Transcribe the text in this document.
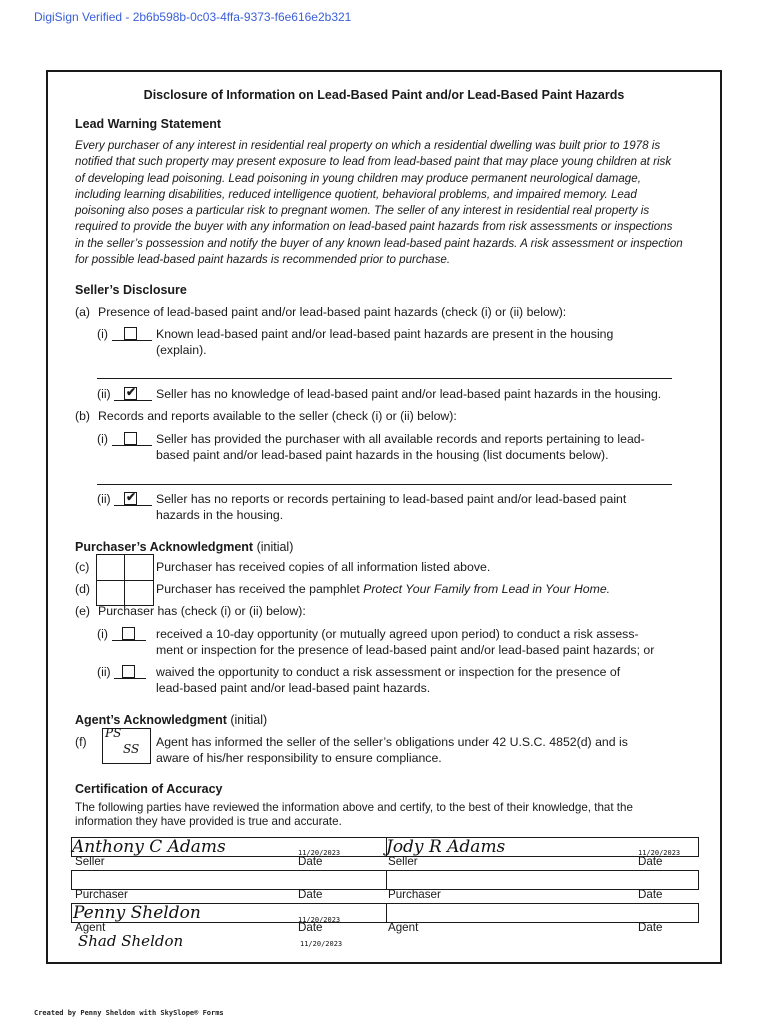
DigiSign Verified - 2b6b598b-0c03-4ffa-9373-f6e616e2b321
Disclosure of Information on Lead-Based Paint and/or Lead-Based Paint Hazards
Lead Warning Statement
Every purchaser of any interest in residential real property on which a residential dwelling was built prior to 1978 is
notified that such property may present exposure to lead from lead-based paint that may place young children at risk
of developing lead poisoning. Lead poisoning in young children may produce permanent neurological damage,
including learning disabilities, reduced intelligence quotient, behavioral problems, and impaired memory. Lead
poisoning also poses a particular risk to pregnant women. The seller of any interest in residential real property is
required to provide the buyer with any information on lead-based paint hazards from risk assessments or inspections
in the seller’s possession and notify the buyer of any known lead-based paint hazards. A risk assessment or inspection
for possible lead-based paint hazards is recommended prior to purchase.
Seller’s Disclosure
(a) Presence of lead-based paint and/or lead-based paint hazards (check (i) or (ii) below):
(i)	Known lead-based paint and/or lead-based paint hazards are present in the housing
(explain).
(ii) ✔ Seller has no knowledge of lead-based paint and/or lead-based paint hazards in the housing.
(b) Records and reports available to the seller (check (i) or (ii) below):
(i)	Seller has provided the purchaser with all available records and reports pertaining to lead-
based paint and/or lead-based paint hazards in the housing (list documents below).
(ii) ✔ Seller has no reports or records pertaining to lead-based paint and/or lead-based paint
hazards in the housing.
Purchaser’s Acknowledgment (initial)
(c)	Purchaser has received copies of all information listed above.
(d)	Purchaser has received the pamphlet Protect Your Family from Lead in Your Home.
(e) Purchaser has (check (i) or (ii) below):
(i)	received a 10-day opportunity (or mutually agreed upon period) to conduct a risk assess-
ment or inspection for the presence of lead-based paint and/or lead-based paint hazards; or
(ii)	waived the opportunity to conduct a risk assessment or inspection for the presence of
lead-based paint and/or lead-based paint hazards.
Agent’s Acknowledgment (initial)
(f)
PS
SS Agent has informed the seller of the seller’s obligations under 42 U.S.C. 4852(d) and is
aware of his/her responsibility to ensure compliance.
Certification of Accuracy
The following parties have reviewed the information above and certify, to the best of their knowledge, that the
information they have provided is true and accurate.
Anthony C Adams	Jody R Adams
11/20/2023	11/20/2023
Seller	Date	Seller	Date
Purchaser	Date	Purchaser	Date
Penny Sheldon	11/20/2023
Agent	Date	Agent	Date
Shad Sheldon	11/20/2023
Created by Penny Sheldon with SkySlope® Forms
